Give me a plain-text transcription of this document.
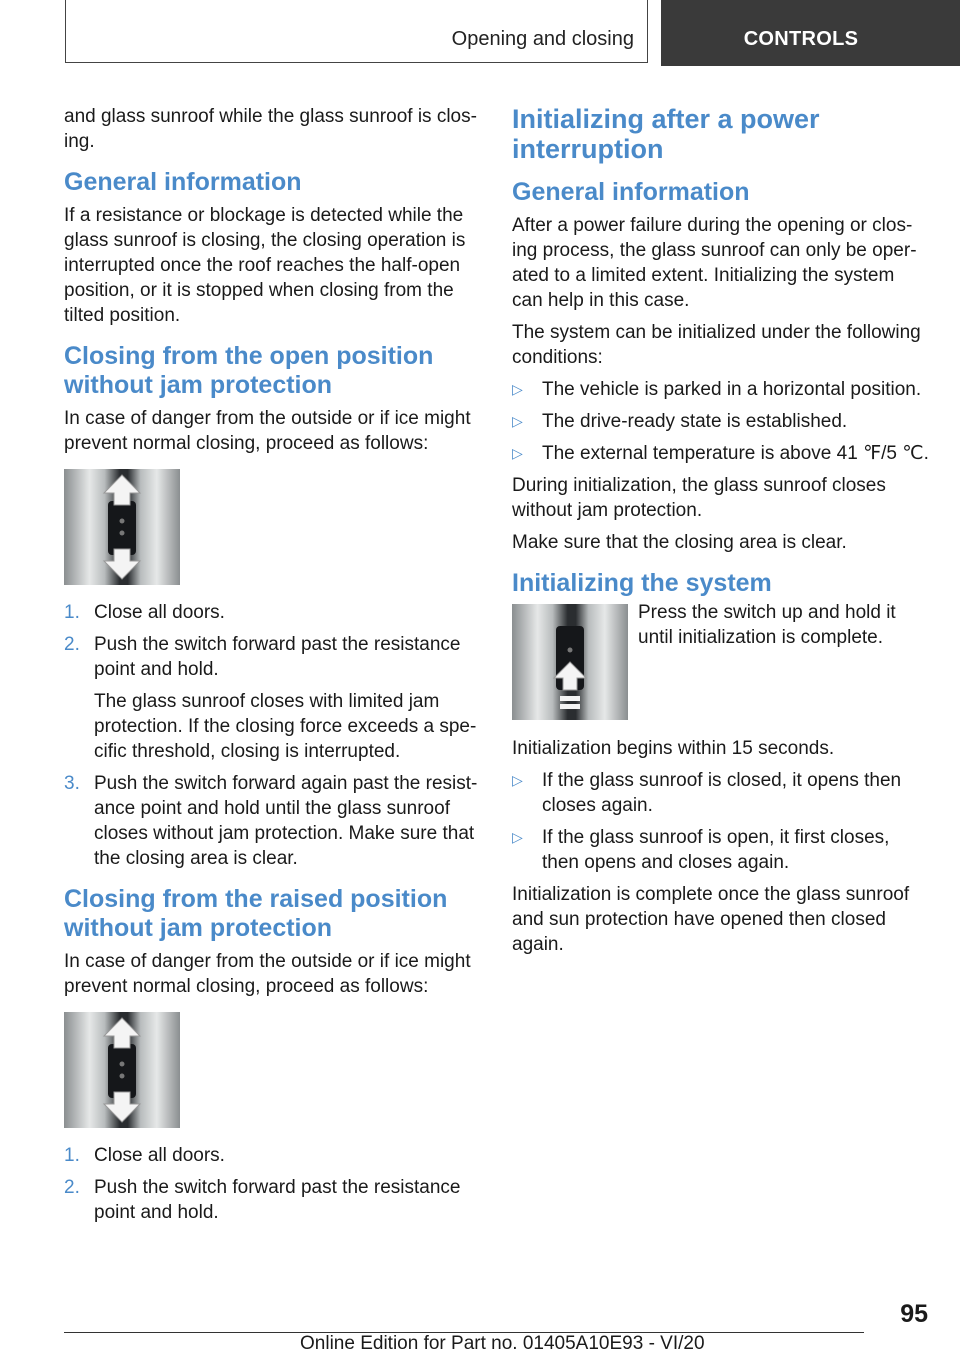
Opening and closing	CONTROLS

and glass sunroof while the glass sunroof is closing.

General information

If a resistance or blockage is detected while the glass sunroof is closing, the closing operation is interrupted once the roof reaches the half-open position, or it is stopped when closing from the tilted position.

Closing from the open position without jam protection

In case of danger from the outside or if ice might prevent normal closing, proceed as follows:

1. Close all doors.
2. Push the switch forward past the resistance point and hold.

The glass sunroof closes with limited jam protection. If the closing force exceeds a specific threshold, closing is interrupted.

3. Push the switch forward again past the resistance point and hold until the glass sunroof closes without jam protection. Make sure that the closing area is clear.
Closing from the raised position without jam protection

In case of danger from the outside or if ice might prevent normal closing, proceed as follows:

1. Close all doors.
2. Push the switch forward past the resistance point and hold.
Initializing after a power interruption
General information

After a power failure during the opening or closing process, the glass sunroof can only be operated to a limited extent. Initializing the system can help in this case.

The system can be initialized under the following conditions:

▷ The vehicle is parked in a horizontal position.
▷ The drive-ready state is established.
▷ The external temperature is above 41 ℉/5 ℃.

During initialization, the glass sunroof closes without jam protection.

Make sure that the closing area is clear.

Initializing the system

Press the switch up and hold it until initialization is complete.

Initialization begins within 15 seconds.

▷ If the glass sunroof is closed, it opens then closes again.
▷ If the glass sunroof is open, it first closes, then opens and closes again.

Initialization is complete once the glass sunroof and sun protection have opened then closed again.

95
Online Edition for Part no. 01405A10E93 - VI/20
